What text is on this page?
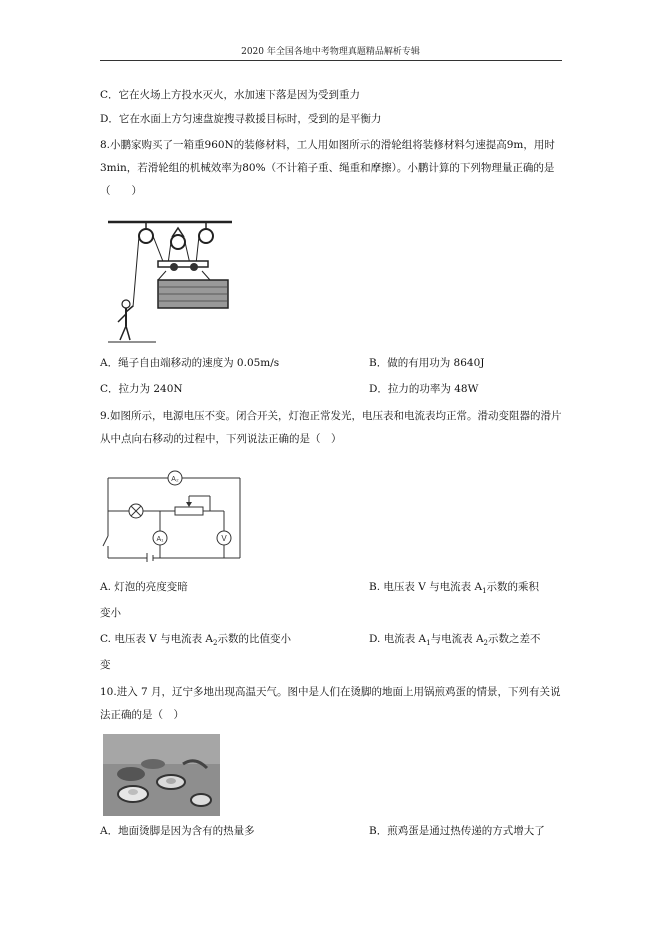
2020 年全国各地中考物理真题精品解析专辑
C．它在火场上方投水灭火，水加速下落是因为受到重力
D．它在水面上方匀速盘旋搜寻救援目标时，受到的是平衡力
8.小鹏家购买了一箱重960N的装修材料，工人用如图所示的滑轮组将装修材料匀速提高9m，用时 3min，若滑轮组的机械效率为80%（不计箱子重、绳重和摩擦）。小鹏计算的下列物理量正确的是（　　）
A．绳子自由端移动的速度为 0.05m/s	B．做的有用功为 8640J
C．拉力为 240N	D．拉力的功率为 48W
9.如图所示，电源电压不变。闭合开关，灯泡正常发光，电压表和电流表均正常。滑动变阻器的滑片从中点向右移动的过程中，下列说法正确的是（　）
A₂
A₁	V
A. 灯泡的亮度变暗	B. 电压表 V 与电流表 $A_1$示数的乘积
变小
C. 电压表 V 与电流表 $A_2$示数的比值变小	D. 电流表 $A_1$与电流表 $A_2$示数之差不
变
10.进入 7 月，辽宁多地出现高温天气。图中是人们在烫脚的地面上用锅煎鸡蛋的情景，下列有关说法正确的是（　）
A．地面烫脚是因为含有的热量多	B．煎鸡蛋是通过热传递的方式增大了
